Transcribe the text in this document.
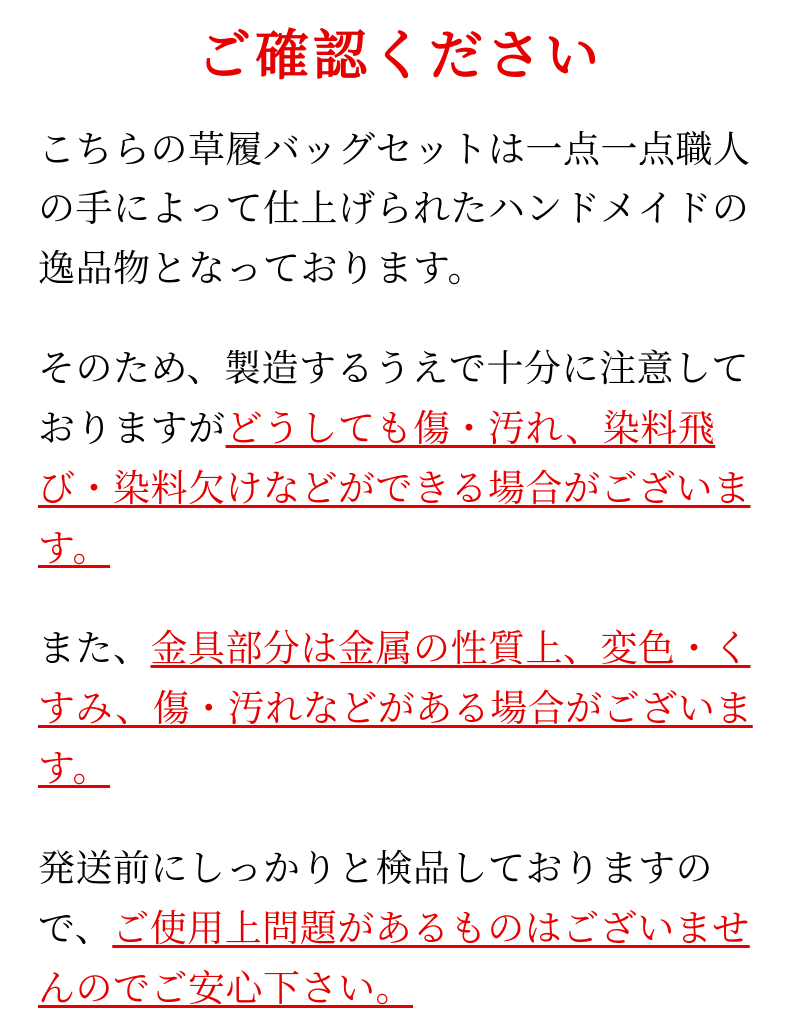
ご確認ください

こちらの草履バッグセットは一点一点職人の手によって仕上げられたハンドメイドの逸品物となっております。

そのため、製造するうえで十分に注意しておりますがどうしても傷・汚れ、染料飛び・染料欠けなどができる場合がございます。

また、金具部分は金属の性質上、変色・くすみ、傷・汚れなどがある場合がございます。

発送前にしっかりと検品しておりますので、ご使用上問題があるものはございませんのでご安心下さい。
